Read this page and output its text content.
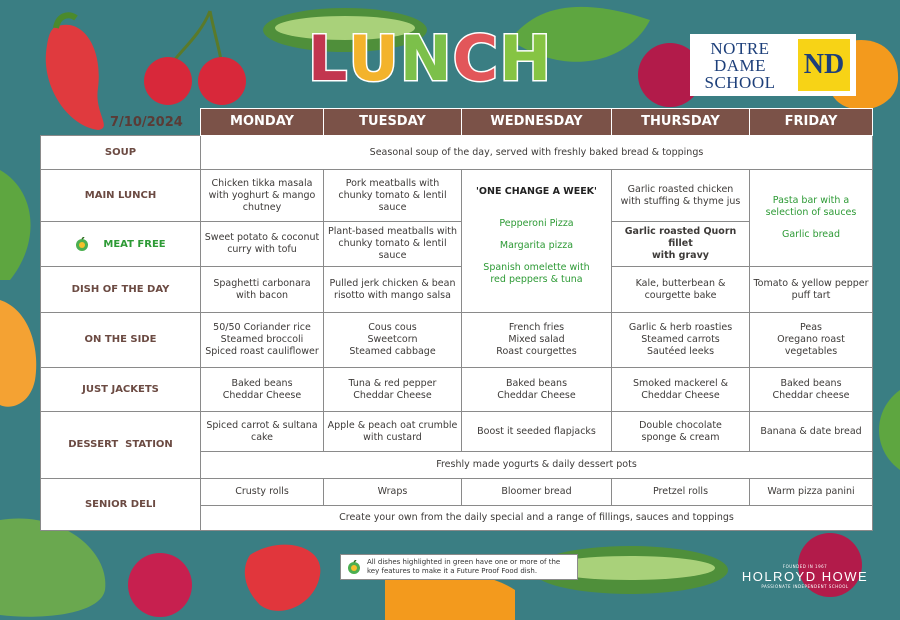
L U N C H	NOTRE
DAME
SCHOOL
ND
7/10/2024
		MONDAY	TUESDAY	WEDNESDAY	THURSDAY	FRIDAY
SOUP	Seasonal soup of the day, served with freshly baked bread & toppings				
MAIN LUNCH	Chicken tikka masala
with yoghurt & mango
chutney	Pork meatballs with
chunky tomato & lentil
sauce	'ONE CHANGE A WEEK'
Pepperoni Pizza
Margarita pizza
Spanish omelette with
red peppers & tuna	Garlic roasted chicken
with stuffing & thyme jus	Pasta bar with a
selection of sauces
Garlic bread

MEAT FREE	Sweet potato & coconut
curry with tofu	Plant-based meatballs with
chunky tomato & lentil
sauce		Garlic roasted Quorn fillet
with gravy	

DISH OF THE DAY	Spaghetti carbonara
with bacon	Pulled jerk chicken & bean
risotto with mango salsa		Kale, butterbean &
courgette bake	Tomato & yellow pepper
puff tart

ON THE SIDE	50/50 Coriander rice
Steamed broccoli
Spiced roast cauliflower	Cous cous
Sweetcorn
Steamed cabbage	French fries
Mixed salad
Roast courgettes	Garlic & herb roasties
Steamed carrots
Sautéed leeks	Peas
Oregano roast
vegetables

JUST JACKETS	Baked beans
Cheddar Cheese	Tuna & red pepper
Cheddar Cheese	Baked beans
Cheddar Cheese	Smoked mackerel &
Cheddar Cheese	Baked beans
Cheddar cheese

DESSERT  STATION	Spiced carrot & sultana
cake	Apple & peach oat crumble
with custard	Boost it seeded flapjacks	Double chocolate
sponge & cream	Banana & date bread

	Freshly made yogurts & daily dessert pots				
SENIOR DELI	Crusty rolls	Wraps	Bloomer bread	Pretzel rolls	Warm pizza panini
	Create your own from the daily special and a range of fillings, sauces and toppings				
All dishes highlighted in green have one or more of the
key features to make it a Future Proof Food dish.
FOUNDED IN 1967
HOLROYD HOWE
PASSIONATE INDEPENDENT SCHOOL
